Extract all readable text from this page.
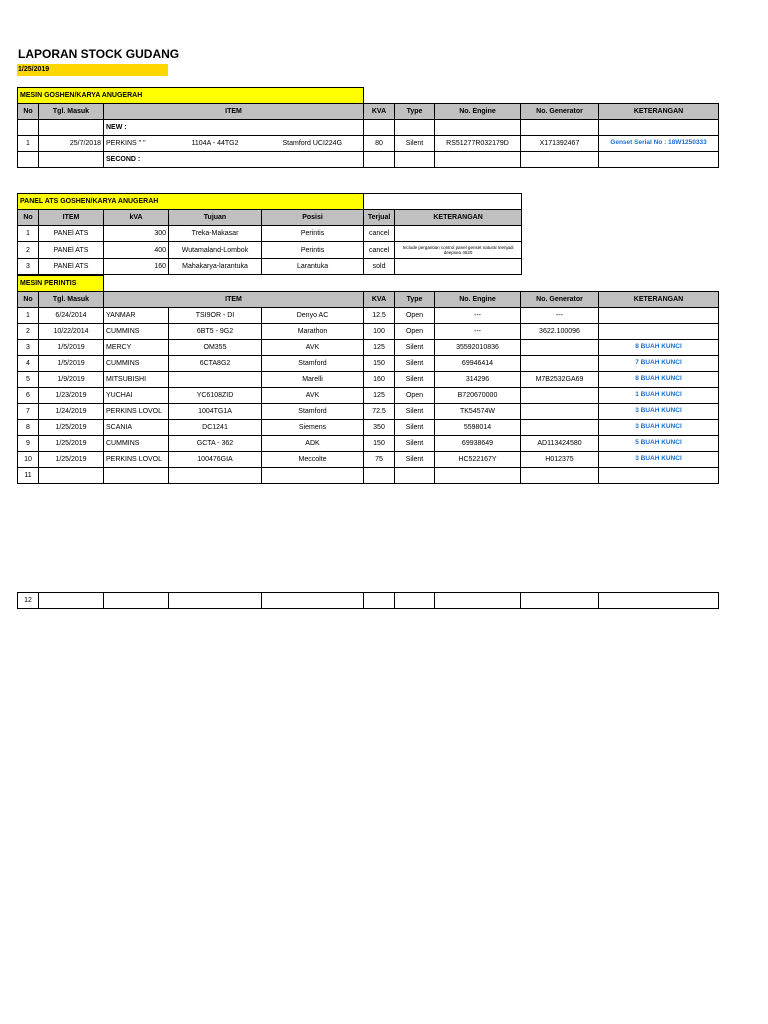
LAPORAN STOCK GUDANG
1/25/2019
MESIN GOSHEN/KARYA ANUGERAH									
No	Tgl. Masuk	ITEM			KVA	Type	No. Engine	No. Generator	KETERANGAN
		NEW :							
1	25/7/2018	PERKINS " "	1104A - 44TG2	Stamford UCI224G	80	Silent	RS51277R032179D	X171392467	Genset Serial No : 18W1250333
		SECOND :							
PANEL ATS GOSHEN/KARYA ANUGERAH						
No	ITEM	kVA	Tujuan	Posisi	Terjual	KETERANGAN
1	PANEl ATS	300	Treka-Makasar	Perintis	cancel	
2	PANEl ATS	400	Wutamaland-Lombok	Perintis	cancel	Include pergantian control panel genset natural menjadi deepsea 4520
3	PANEl ATS	160	Mahakarya-larantuka	Larantuka	sold	
MESIN PERINTIS									
No	Tgl. Masuk	ITEM			KVA	Type	No. Engine	No. Generator	KETERANGAN
1	6/24/2014	YANMAR	TSI9OR - DI	Denyo AC	12.5	Open	---	---	
2	10/22/2014	CUMMINS	6BT5 - 9G2	Marathon	100	Open	---	3622.100096	
3	1/5/2019	MERCY	OM355	AVK	125	Silent	35592010836		8 BUAH KUNCI
4	1/5/2019	CUMMINS	6CTA8G2	Stamford	150	Silent	69946414		7 BUAH KUNCI
5	1/9/2019	MITSUBISHI		Marelli	160	Silent	314296	M7B2532GA69	8 BUAH KUNCI
6	1/23/2019	YUCHAI	YC6108ZID	AVK	125	Open	B720670000		1 BUAH KUNCI
7	1/24/2019	PERKINS LOVOL	1004TG1A	Stamford	72.5	Silent	TK54574W		3 BUAH KUNCI
8	1/25/2019	SCANIA	DC1241	Siemens	350	Silent	5598014		3 BUAH KUNCI
9	1/25/2019	CUMMINS	GCTA - 362	ADK	150	Silent	69938649	AD113424580	5 BUAH KUNCI
10	1/25/2019	PERKINS LOVOL	100476GIA	Meccolte	75	Silent	HC522167Y	H012375	3 BUAH KUNCI
11									
12									
